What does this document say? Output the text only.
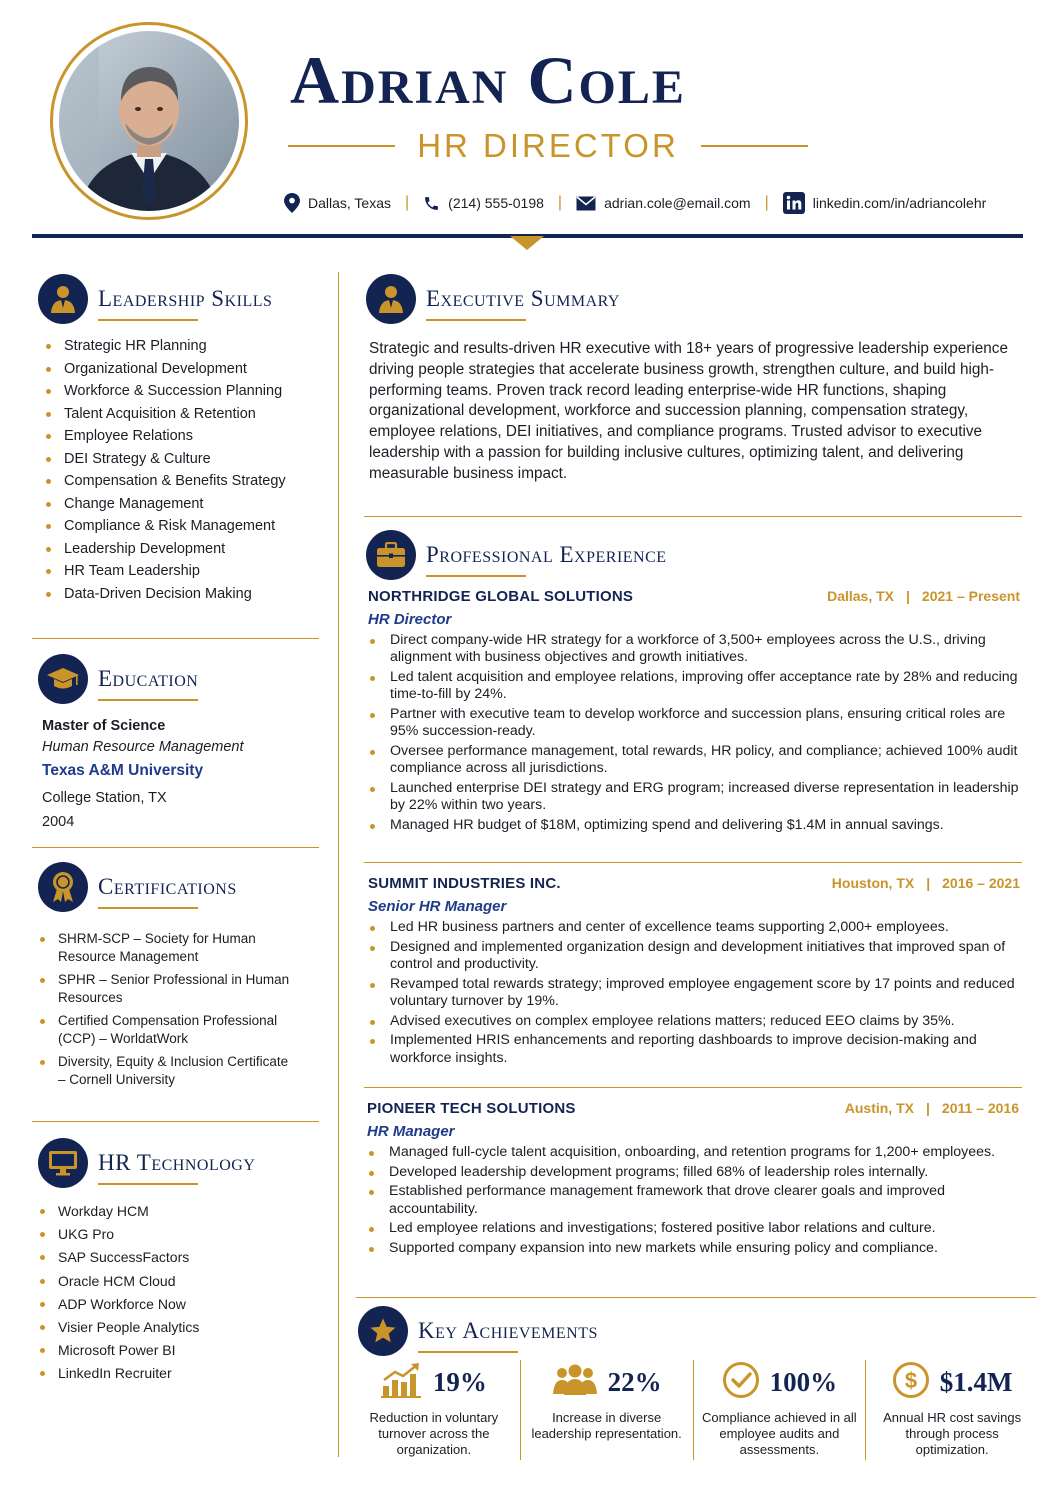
Adrian Cole
HR DIRECTOR
Dallas, Texas |	(214) 555-0198 |	adrian.cole@email.com |	linkedin.com/in/adriancolehr
Leadership Skills
Strategic HR Planning
Organizational Development
Workforce & Succession Planning
Talent Acquisition & Retention
Employee Relations
DEI Strategy & Culture
Compensation & Benefits Strategy
Change Management
Compliance & Risk Management
Leadership Development
HR Team Leadership
Data-Driven Decision Making
Education
Master of Science
Human Resource Management
Texas A&M University
College Station, TX
2004
Certifications
SHRM-SCP – Society for Human Resource Management
SPHR – Senior Professional in Human Resources
Certified Compensation Professional (CCP) – WorldatWork
Diversity, Equity & Inclusion Certificate – Cornell University
HR Technology
Workday HCM
UKG Pro
SAP SuccessFactors
Oracle HCM Cloud
ADP Workforce Now
Visier People Analytics
Microsoft Power BI
LinkedIn Recruiter
Executive Summary

Strategic and results-driven HR executive with 18+ years of progressive leadership experience driving people strategies that accelerate business growth, strengthen culture, and build high-performing teams. Proven track record leading enterprise-wide HR functions, shaping organizational development, workforce and succession planning, compensation strategy, employee relations, DEI initiatives, and compliance programs. Trusted advisor to executive leadership with a passion for building inclusive cultures, optimizing talent, and delivering measurable business impact.

Professional Experience
NORTHRIDGE GLOBAL SOLUTIONS	Dallas, TX | 2021 – Present
HR Director
Direct company-wide HR strategy for a workforce of 3,500+ employees across the U.S., driving alignment with business objectives and growth initiatives.
Led talent acquisition and employee relations, improving offer acceptance rate by 28% and reducing time-to-fill by 24%.
Partner with executive team to develop workforce and succession plans, ensuring critical roles are 95% succession-ready.
Oversee performance management, total rewards, HR policy, and compliance; achieved 100% audit compliance across all jurisdictions.
Launched enterprise DEI strategy and ERG program; increased diverse representation in leadership by 22% within two years.
Managed HR budget of $18M, optimizing spend and delivering $1.4M in annual savings.
SUMMIT INDUSTRIES INC.	Houston, TX | 2016 – 2021
Senior HR Manager
Led HR business partners and center of excellence teams supporting 2,000+ employees.
Designed and implemented organization design and development initiatives that improved span of control and productivity.
Revamped total rewards strategy; improved employee engagement score by 17 points and reduced voluntary turnover by 19%.
Advised executives on complex employee relations matters; reduced EEO claims by 35%.
Implemented HRIS enhancements and reporting dashboards to improve decision-making and workforce insights.
PIONEER TECH SOLUTIONS	Austin, TX | 2011 – 2016
HR Manager
Managed full-cycle talent acquisition, onboarding, and retention programs for 1,200+ employees.
Developed leadership development programs; filled 68% of leadership roles internally.
Established performance management framework that drove clearer goals and improved accountability.
Led employee relations and investigations; fostered positive labor relations and culture.
Supported company expansion into new markets while ensuring policy and compliance.
Key Achievements
19%
Reduction in voluntary turnover across the organization.
22%
Increase in diverse leadership representation.
100%
Compliance achieved in all employee audits and assessments.
$ $1.4M
Annual HR cost savings through process optimization.
